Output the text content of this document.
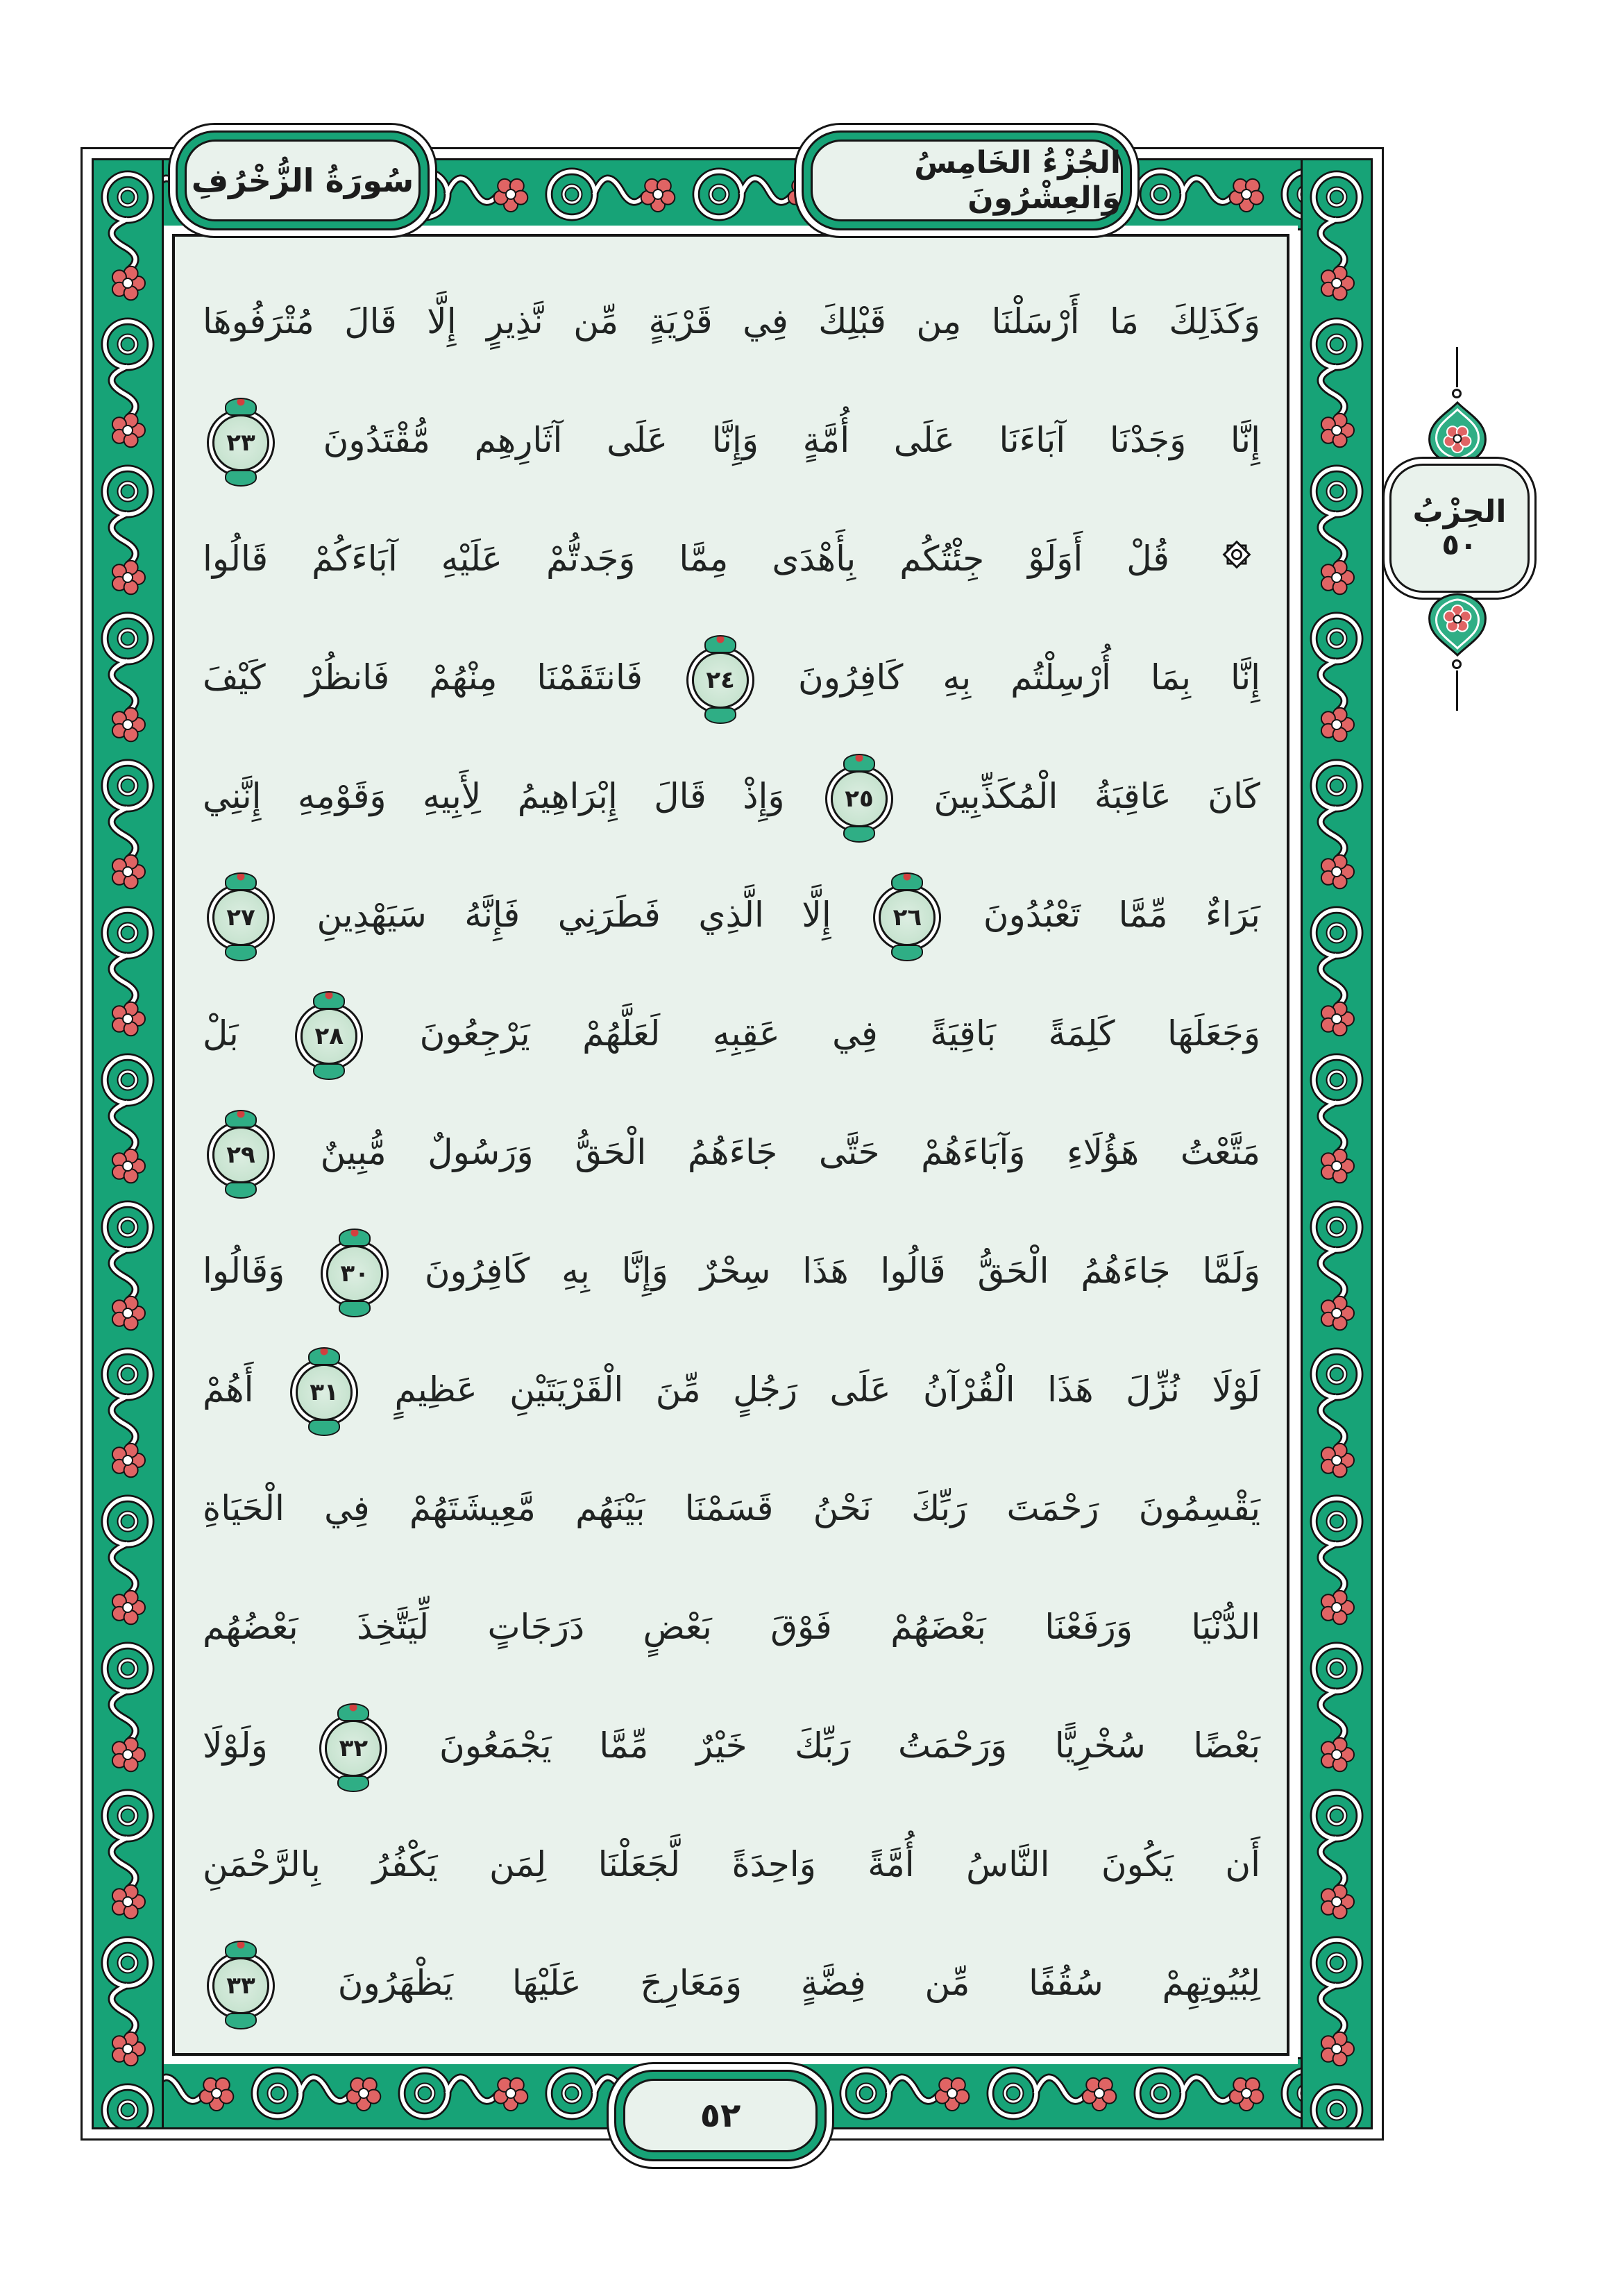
سُورَةُ الزُّخْرُفِ	الجُزْءُ الخَامِسُ وَالعِشْرُونَ
الحِزْبُ
٥٠
وَكَذَلِكَ مَا أَرْسَلْنَا مِن قَبْلِكَ فِي قَرْيَةٍ مِّن نَّذِيرٍ إِلَّا قَالَ مُتْرَفُوهَا
إِنَّا وَجَدْنَا آبَاءَنَا عَلَى أُمَّةٍ وَإِنَّا عَلَى آثَارِهِم مُّقْتَدُونَ
٢٣
قُلْ أَوَلَوْ جِئْتُكُم بِأَهْدَى مِمَّا وَجَدتُّمْ عَلَيْهِ آبَاءَكُمْ قَالُوا
إِنَّا بِمَا أُرْسِلْتُم بِهِ كَافِرُونَ
٢٤
فَانتَقَمْنَا مِنْهُمْ فَانظُرْ كَيْفَ
كَانَ عَاقِبَةُ الْمُكَذِّبِينَ
٢٥
وَإِذْ قَالَ إِبْرَاهِيمُ لِأَبِيهِ وَقَوْمِهِ إِنَّنِي
بَرَاءٌ مِّمَّا تَعْبُدُونَ
٢٦
إِلَّا الَّذِي فَطَرَنِي فَإِنَّهُ سَيَهْدِينِ
٢٧
وَجَعَلَهَا كَلِمَةً بَاقِيَةً فِي عَقِبِهِ لَعَلَّهُمْ يَرْجِعُونَ
٢٨
بَلْ
مَتَّعْتُ هَؤُلَاءِ وَآبَاءَهُمْ حَتَّى جَاءَهُمُ الْحَقُّ وَرَسُولٌ مُّبِينٌ
٢٩
وَلَمَّا جَاءَهُمُ الْحَقُّ قَالُوا هَذَا سِحْرٌ وَإِنَّا بِهِ كَافِرُونَ
٣٠
وَقَالُوا
لَوْلَا نُزِّلَ هَذَا الْقُرْآنُ عَلَى رَجُلٍ مِّنَ الْقَرْيَتَيْنِ عَظِيمٍ
٣١
أَهُمْ
يَقْسِمُونَ رَحْمَتَ رَبِّكَ نَحْنُ قَسَمْنَا بَيْنَهُم مَّعِيشَتَهُمْ فِي الْحَيَاةِ
الدُّنْيَا وَرَفَعْنَا بَعْضَهُمْ فَوْقَ بَعْضٍ دَرَجَاتٍ لِّيَتَّخِذَ بَعْضُهُم
بَعْضًا سُخْرِيًّا وَرَحْمَتُ رَبِّكَ خَيْرٌ مِّمَّا يَجْمَعُونَ
٣٢
وَلَوْلَا
أَن يَكُونَ النَّاسُ أُمَّةً وَاحِدَةً لَّجَعَلْنَا لِمَن يَكْفُرُ بِالرَّحْمَنِ
لِبُيُوتِهِمْ سُقُفًا مِّن فِضَّةٍ وَمَعَارِجَ عَلَيْهَا يَظْهَرُونَ
٣٣
٥٢
